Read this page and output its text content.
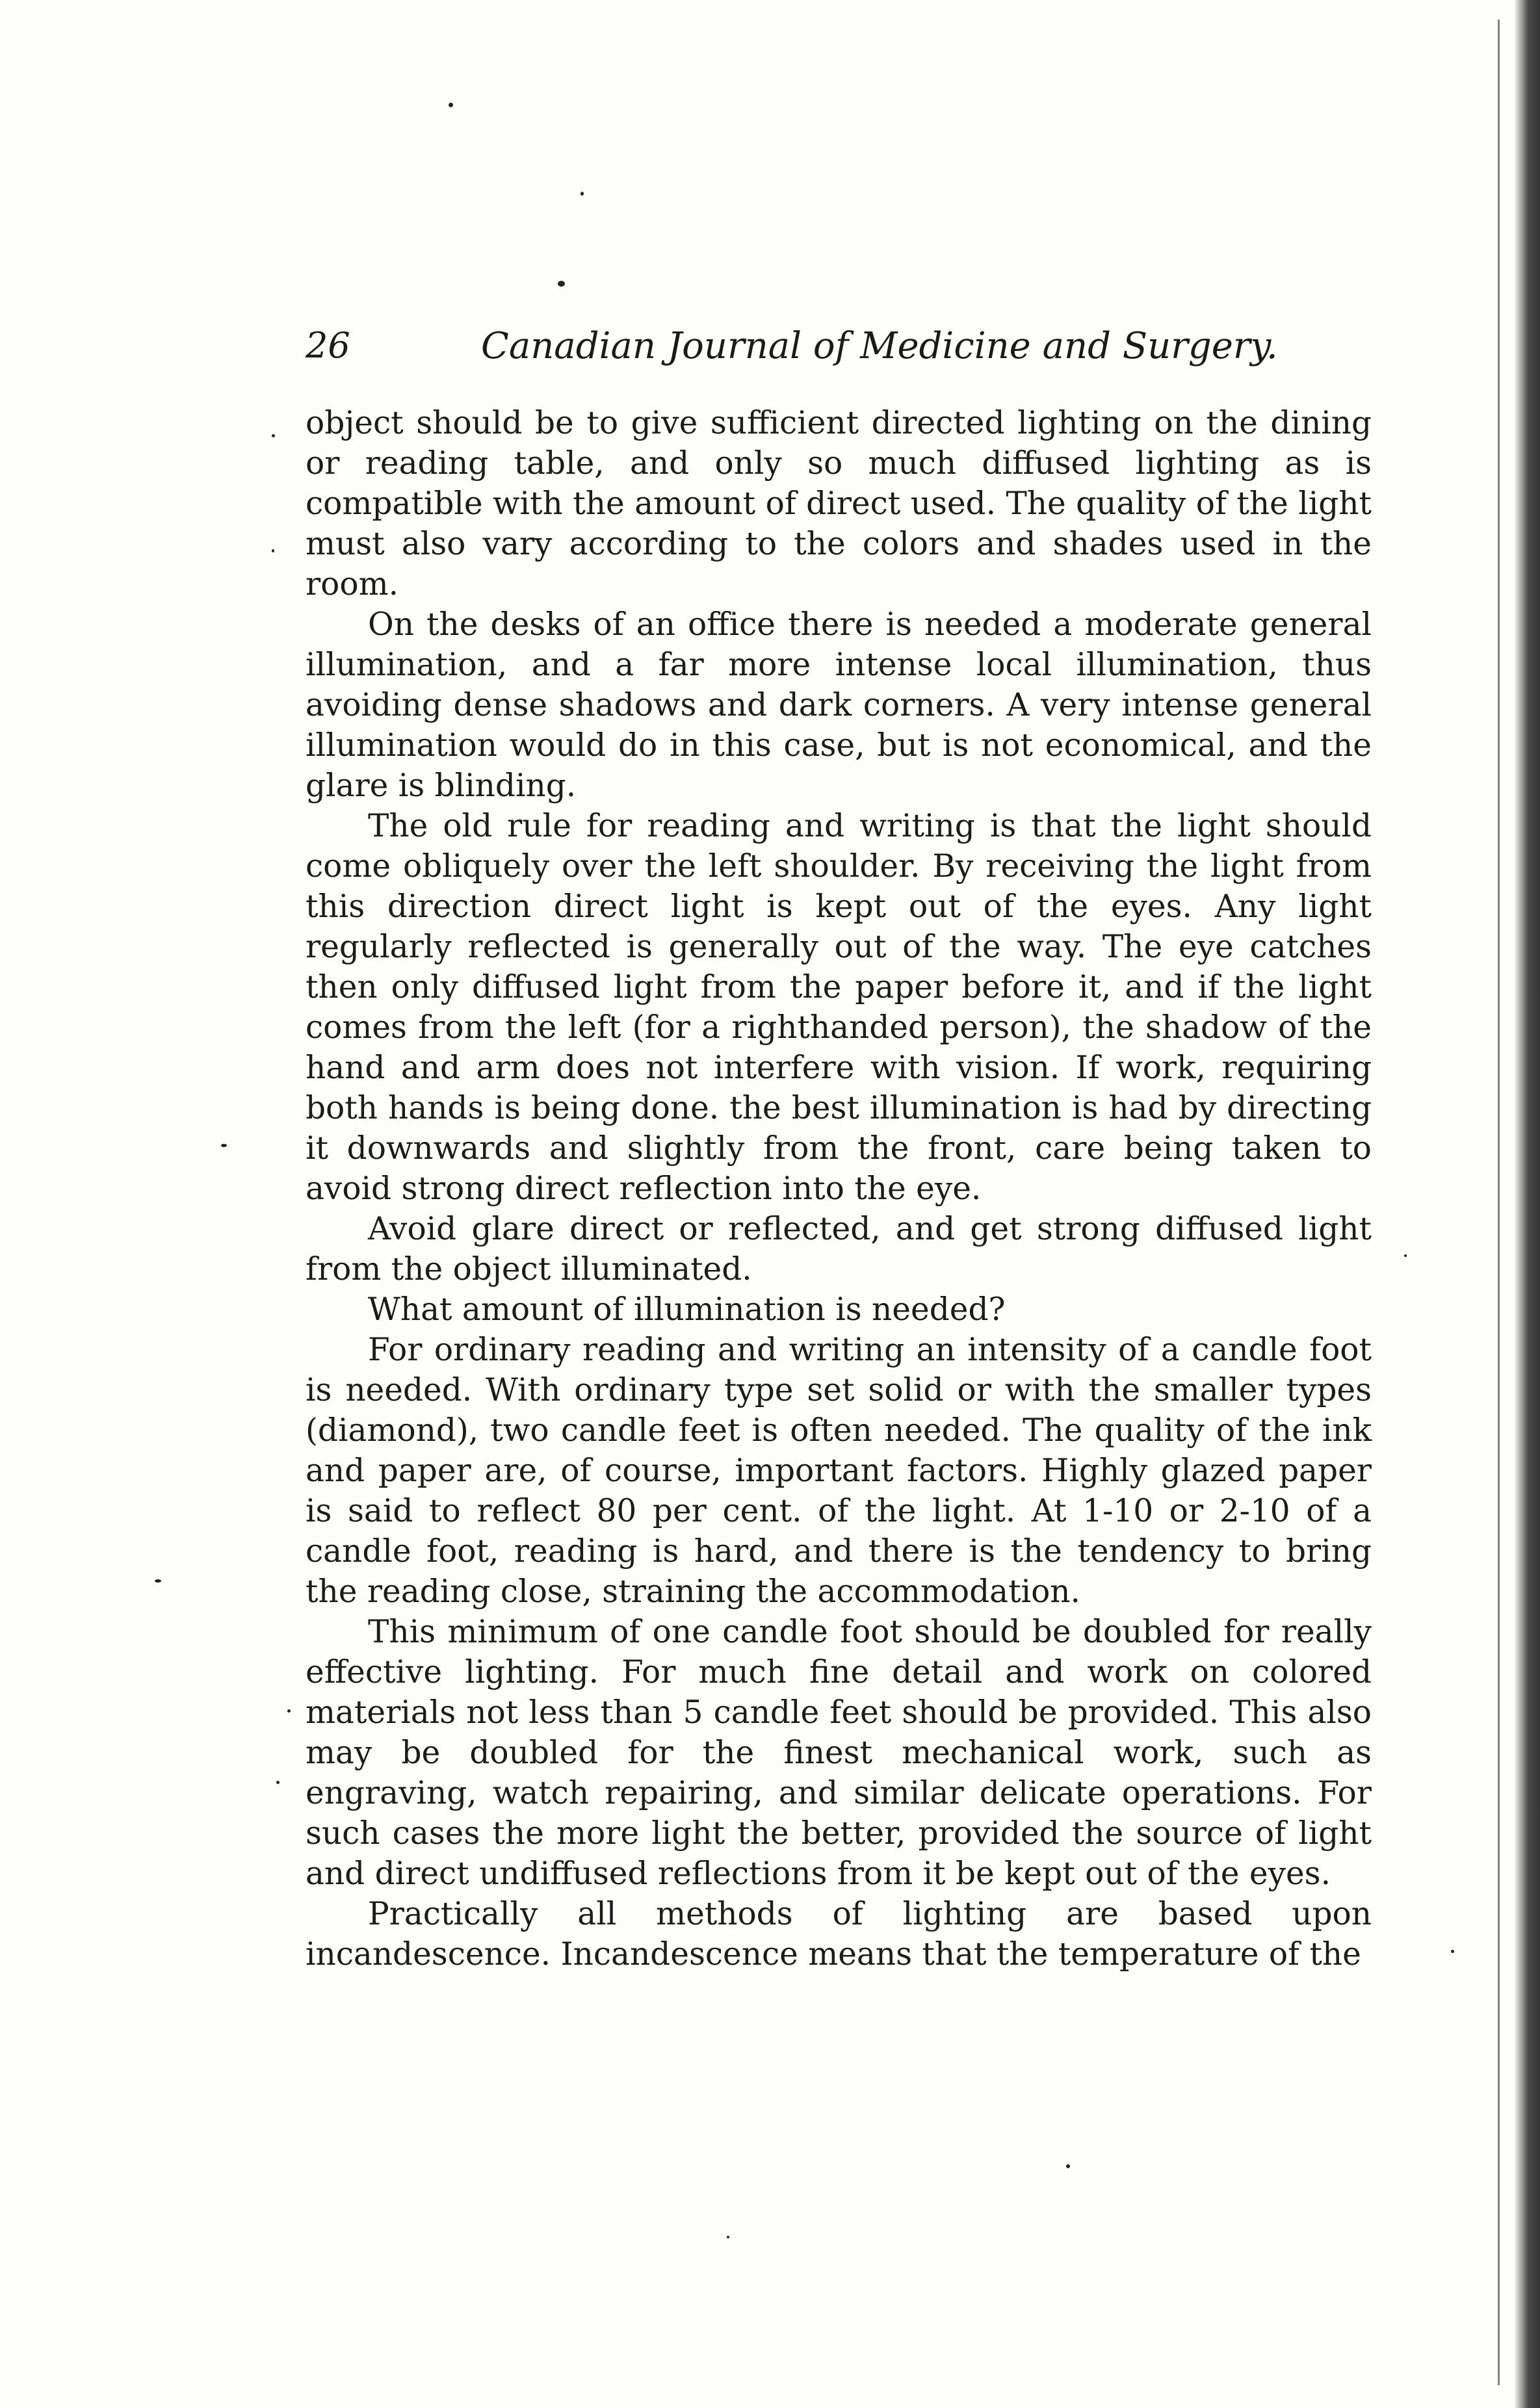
26	Canadian Journal of Medicine and Surgery.

object should be to give sufficient directed lighting on the dining or reading table, and only so much diffused lighting as is compatible with the amount of direct used. The quality of the light must also vary according to the colors and shades used in the room.

On the desks of an office there is needed a moderate general illumination, and a far more intense local illumination, thus avoiding dense shadows and dark corners. A very intense general illumination would do in this case, but is not economical, and the glare is blinding.

The old rule for reading and writing is that the light should come obliquely over the left shoulder. By receiving the light from this direction direct light is kept out of the eyes. Any light regularly reflected is generally out of the way. The eye catches then only diffused light from the paper before it, and if the light comes from the left (for a righthanded person), the shadow of the hand and arm does not interfere with vision. If work, requiring both hands is being done. the best illumination is had by directing it downwards and slightly from the front, care being taken to avoid strong direct reflection into the eye.

Avoid glare direct or reflected, and get strong diffused light from the object illuminated.

What amount of illumination is needed?

For ordinary reading and writing an intensity of a candle foot is needed. With ordinary type set solid or with the smaller types (diamond), two candle feet is often needed. The quality of the ink and paper are, of course, important factors. Highly glazed paper is said to reflect 80 per cent. of the light. At 1-10 or 2-10 of a candle foot, reading is hard, and there is the tendency to bring the reading close, straining the accommodation.

This minimum of one candle foot should be doubled for really effective lighting. For much fine detail and work on colored materials not less than 5 candle feet should be provided. This also may be doubled for the finest mechanical work, such as engraving, watch repairing, and similar delicate operations. For such cases the more light the better, provided the source of light and direct undiffused reflections from it be kept out of the eyes.

Practically all methods of lighting are based upon incandescence. Incandescence means that the temperature of the
